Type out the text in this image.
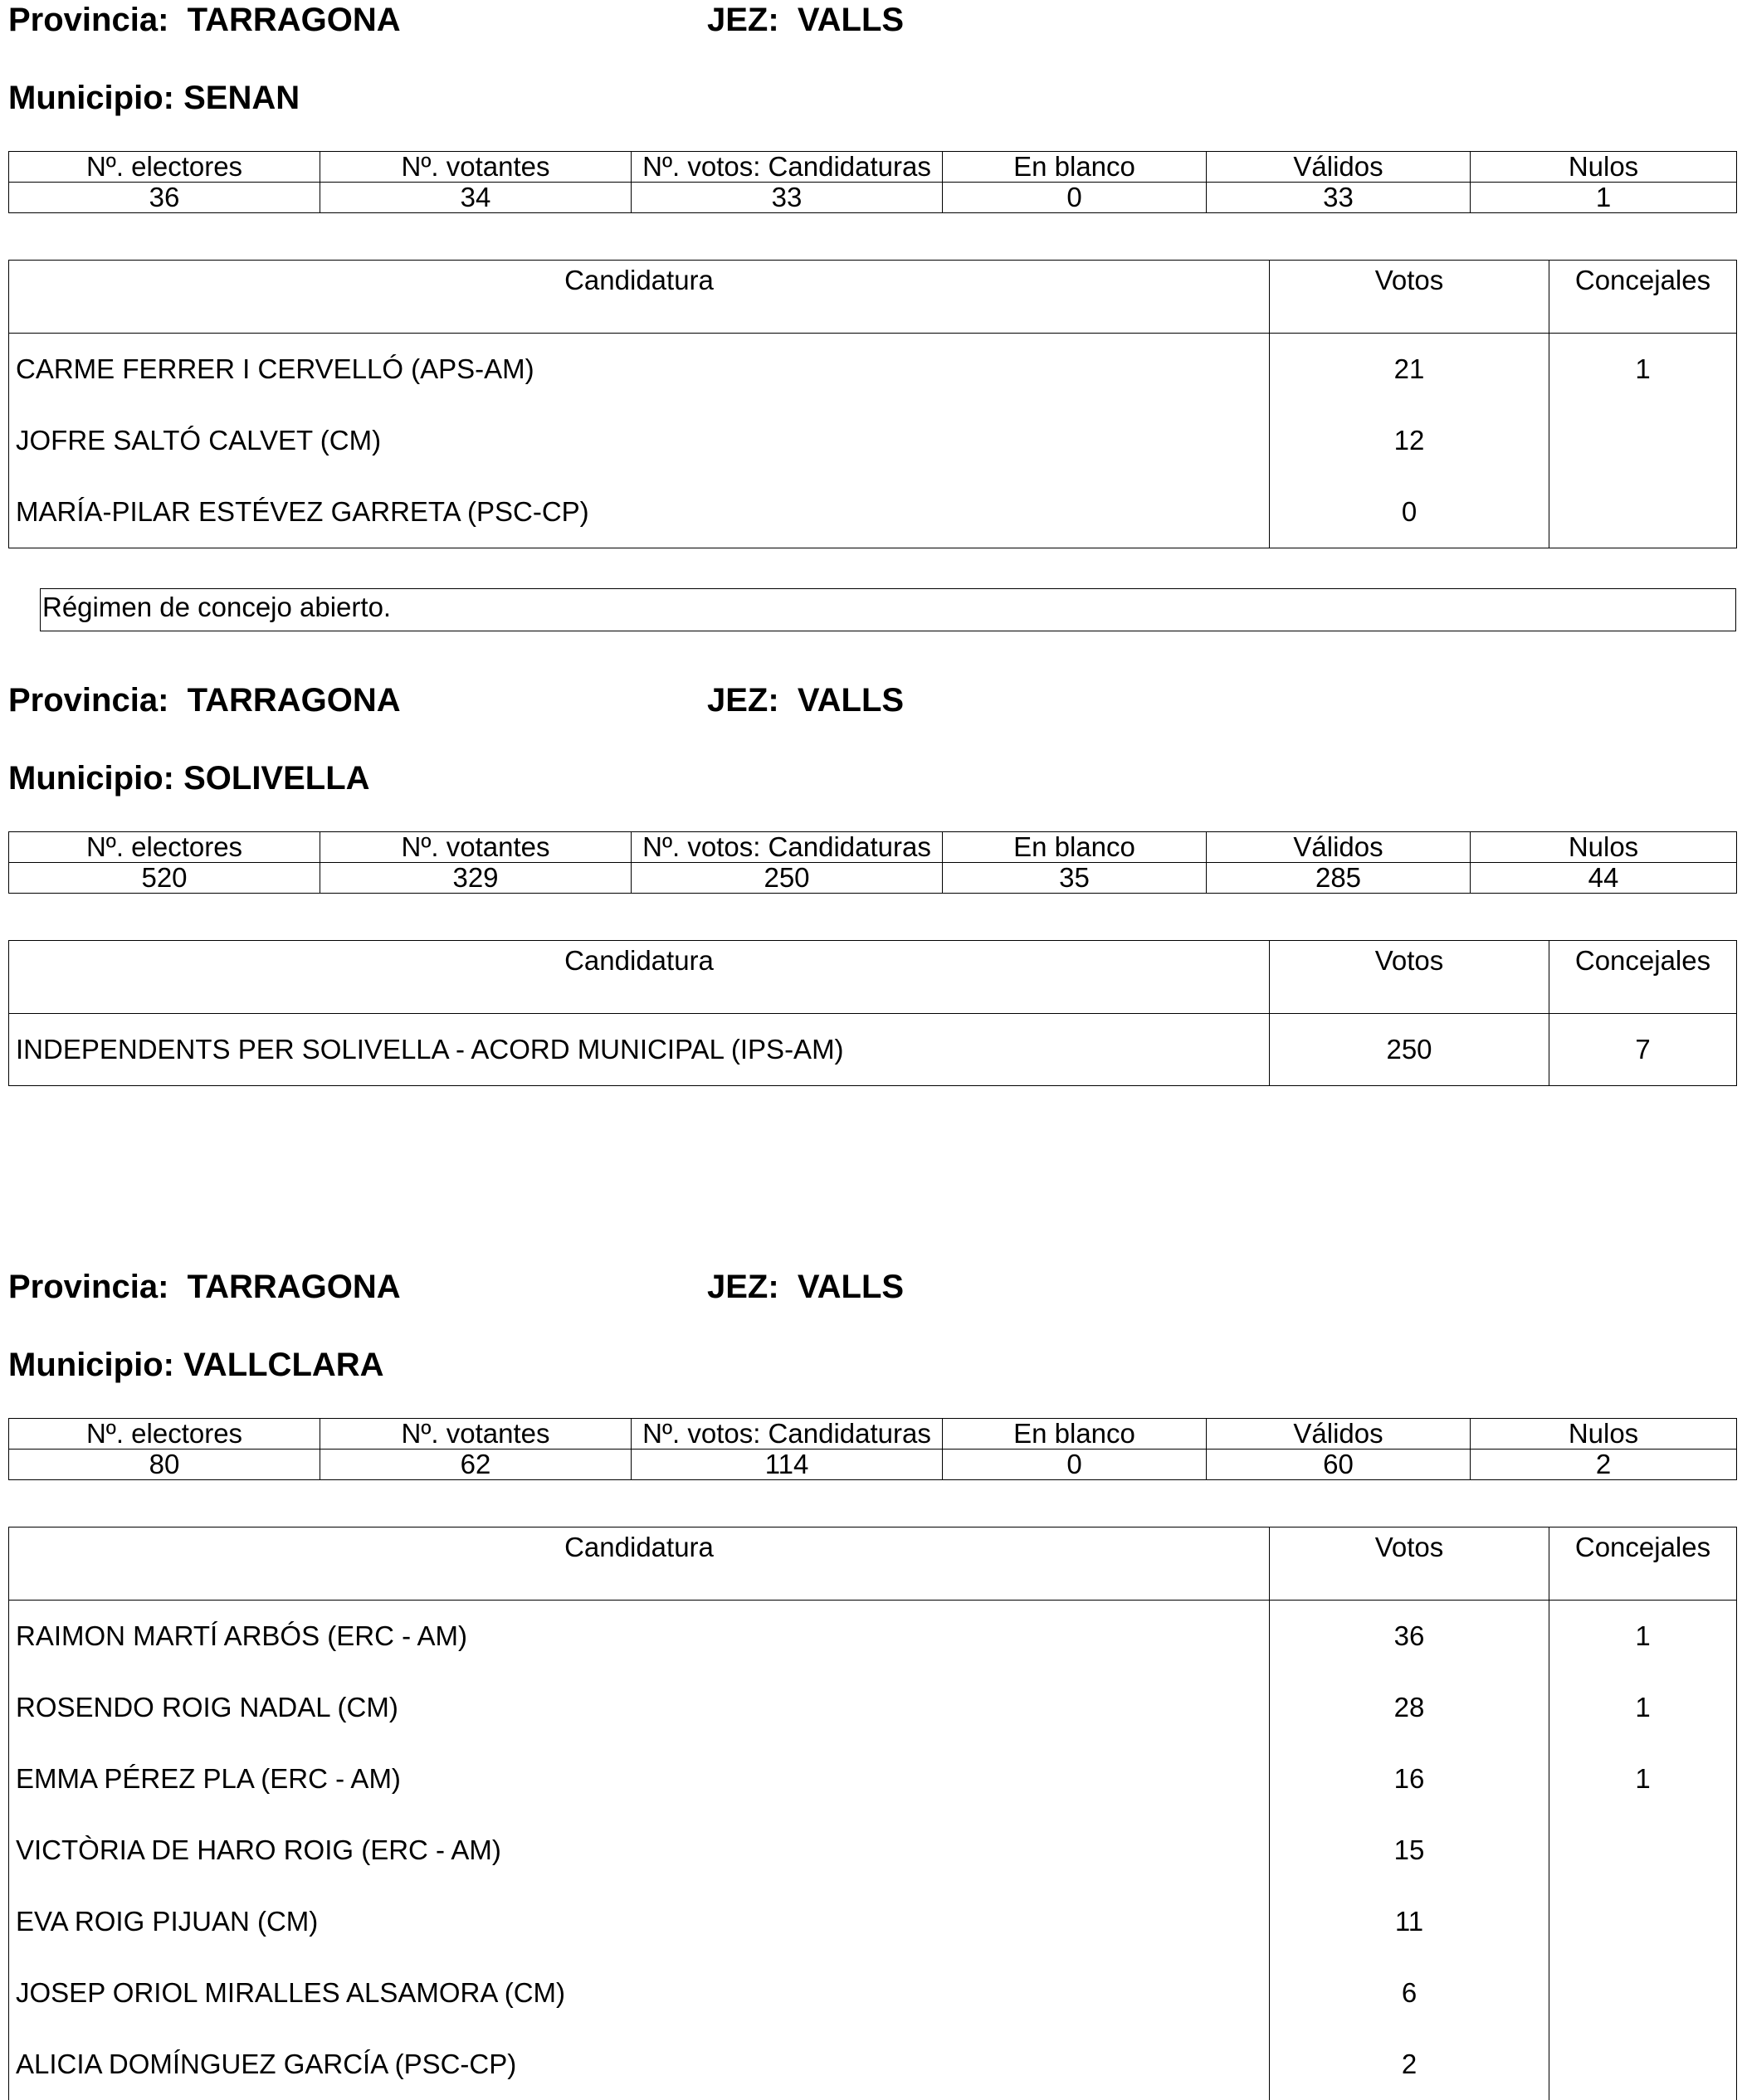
Provincia: TARRAGONA	JEZ: VALLS
Municipio: SENAN
Nº. electores	Nº. votantes	Nº. votos: Candidaturas	En blanco	Válidos	Nulos
36	34	33	0	33	1
Candidatura	Votos	Concejales
CARME FERRER I CERVELLÓ (APS-AM)	21	1
JOFRE SALTÓ CALVET (CM)	12	
MARÍA-PILAR ESTÉVEZ GARRETA (PSC-CP)	0	
Régimen de concejo abierto.
Provincia: TARRAGONA	JEZ: VALLS
Municipio: SOLIVELLA
Nº. electores	Nº. votantes	Nº. votos: Candidaturas	En blanco	Válidos	Nulos
520	329	250	35	285	44
Candidatura	Votos	Concejales
INDEPENDENTS PER SOLIVELLA - ACORD MUNICIPAL (IPS-AM)	250	7
Provincia: TARRAGONA	JEZ: VALLS
Municipio: VALLCLARA
Nº. electores	Nº. votantes	Nº. votos: Candidaturas	En blanco	Válidos	Nulos
80	62	114	0	60	2
Candidatura	Votos	Concejales
RAIMON MARTÍ ARBÓS (ERC - AM)	36	1
ROSENDO ROIG NADAL (CM)	28	1
EMMA PÉREZ PLA (ERC - AM)	16	1
VICTÒRIA DE HARO ROIG (ERC - AM)	15	
EVA ROIG PIJUAN (CM)	11	
JOSEP ORIOL MIRALLES ALSAMORA (CM)	6	
ALICIA DOMÍNGUEZ GARCÍA (PSC-CP)	2	
